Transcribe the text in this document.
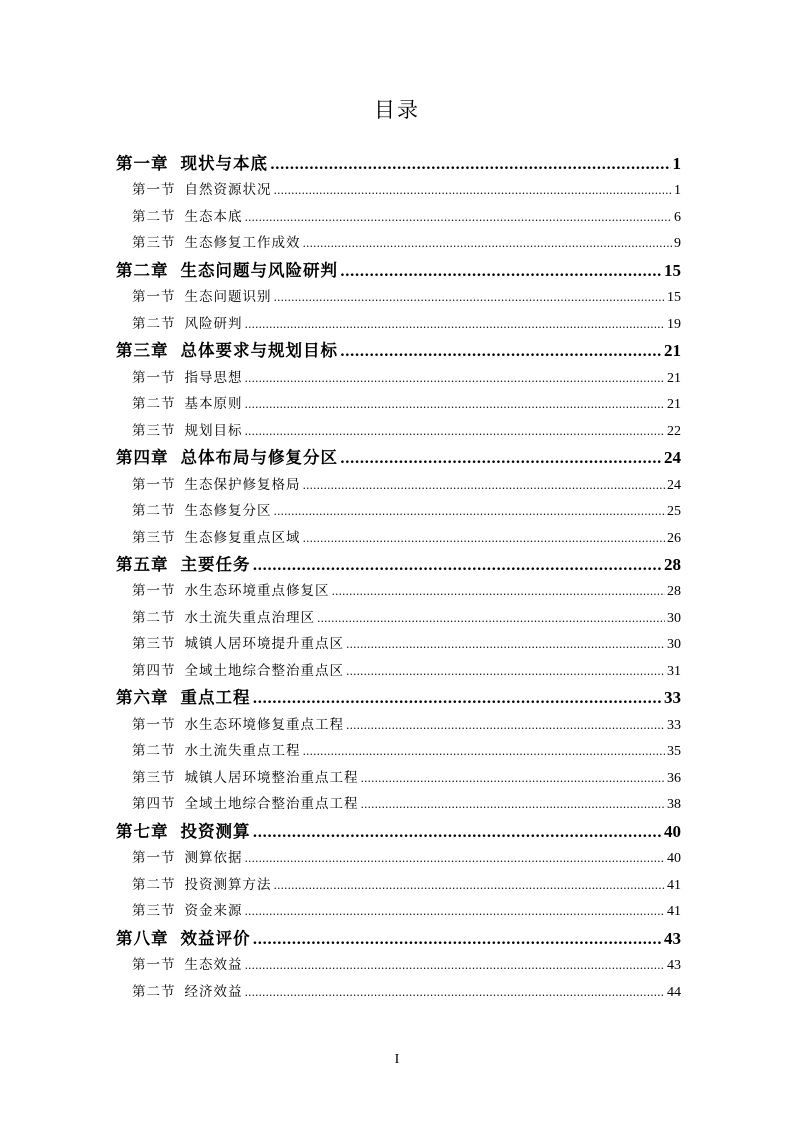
目录
第一章 现状与本底 .....	1
第一节 自然资源状况 .....	1
第二节 生态本底 .....	6
第三节 生态修复工作成效 .....	9
第二章 生态问题与风险研判 .....	15
第一节 生态问题识别 .....	15
第二节 风险研判 .....	19
第三章 总体要求与规划目标 .....	21
第一节 指导思想 .....	21
第二节 基本原则 .....	21
第三节 规划目标 .....	22
第四章 总体布局与修复分区 .....	24
第一节 生态保护修复格局 .....	24
第二节 生态修复分区 .....	25
第三节 生态修复重点区域 .....	26
第五章 主要任务 .....	28
第一节 水生态环境重点修复区 .....	28
第二节 水土流失重点治理区 .....	30
第三节 城镇人居环境提升重点区 .....	30
第四节 全域土地综合整治重点区 .....	31
第六章 重点工程 .....	33
第一节 水生态环境修复重点工程 .....	33
第二节 水土流失重点工程 .....	35
第三节 城镇人居环境整治重点工程 .....	36
第四节 全域土地综合整治重点工程 .....	38
第七章 投资测算 .....	40
第一节 测算依据 .....	40
第二节 投资测算方法 .....	41
第三节 资金来源 .....	41
第八章 效益评价 .....	43
第一节 生态效益 .....	43
第二节 经济效益 .....	44
I
